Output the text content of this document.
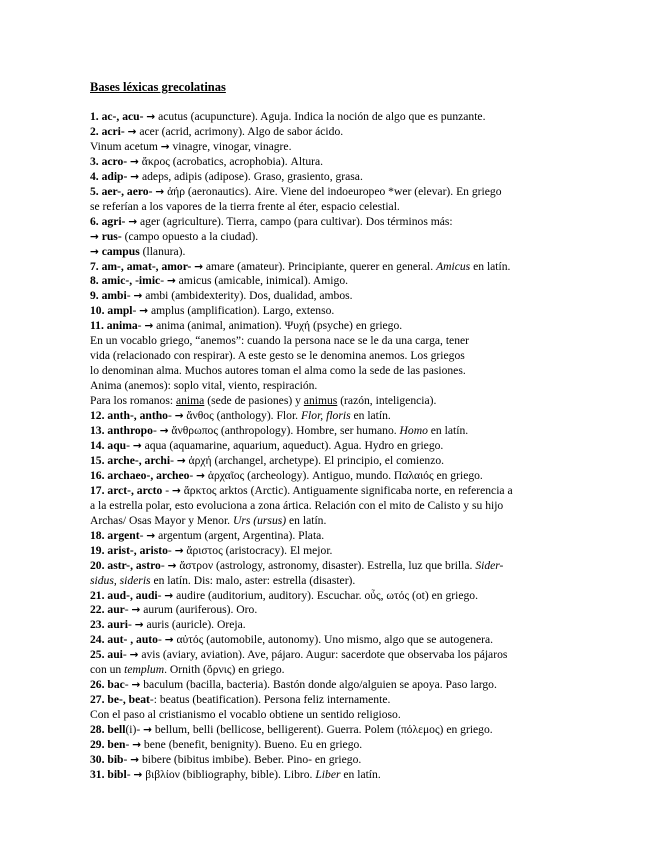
Bases léxicas grecolatinas
1. ac-, acu- → acutus (acupuncture). Aguja. Indica la noción de algo que es punzante.
2. acri- → acer (acrid, acrimony). Algo de sabor ácido.
Vinum acetum → vinagre, vinogar, vinagre.
3. acro- → ἄκρος (acrobatics, acrophobia). Altura.
4. adip- → adeps, adipis (adipose). Graso, grasiento, grasa.
5. aer-, aero- → ἀήρ (aeronautics). Aire. Viene del indoeuropeo *wer (elevar). En griego
se referían a los vapores de la tierra frente al éter, espacio celestial.
6. agri- → ager (agriculture). Tierra, campo (para cultivar). Dos términos más:
→ rus- (campo opuesto a la ciudad).
→ campus (llanura).
7. am-, amat-, amor- → amare (amateur). Principiante, querer en general. Amicus en latín.
8. amic-, -imic- → amicus (amicable, inimical). Amigo.
9. ambi- → ambi (ambidexterity). Dos, dualidad, ambos.
10. ampl- → amplus (amplification). Largo, extenso.
11. anima- → anima (animal, animation). Ψυχή (psyche) en griego.
En un vocablo griego, “anemos”: cuando la persona nace se le da una carga, tener
vida (relacionado con respirar). A este gesto se le denomina anemos. Los griegos
lo denominan alma. Muchos autores toman el alma como la sede de las pasiones.
Anima (anemos): soplo vital, viento, respiración.
Para los romanos: anima (sede de pasiones) y animus (razón, inteligencia).
12. anth-, antho- → ἄνθος (anthology). Flor. Flor, floris en latín.
13. anthropo- → ἄνθρωπος (anthropology). Hombre, ser humano. Homo en latín.
14. aqu- → aqua (aquamarine, aquarium, aqueduct). Agua. Hydro en griego.
15. arche-, archi- → ἀρχή (archangel, archetype). El principio, el comienzo.
16. archaeo-, archeo- → ἀρχαῖος (archeology). Antiguo, mundo. Παλαιός en griego.
17. arct-, arcto - → ἄρκτος arktos (Arctic). Antiguamente significaba norte, en referencia a
a la estrella polar, esto evoluciona a zona ártica. Relación con el mito de Calisto y su hijo
Archas/ Osas Mayor y Menor. Urs (ursus) en latín.
18. argent- → argentum (argent, Argentina). Plata.
19. arist-, aristo- → ἄριστος (aristocracy). El mejor.
20. astr-, astro- → ἄστρον (astrology, astronomy, disaster). Estrella, luz que brilla. Sider-
sidus, sideris en latín. Dis: malo, aster: estrella (disaster).
21. aud-, audi- → audire (auditorium, auditory). Escuchar. οὖς, ωτός (ot) en griego.
22. aur- → aurum (auriferous). Oro.
23. auri- → auris (auricle). Oreja.
24. aut- , auto- → αὐτός (automobile, autonomy). Uno mismo, algo que se autogenera.
25. aui- → avis (aviary, aviation). Ave, pájaro. Augur: sacerdote que observaba los pájaros
con un templum. Ornith (ὄρνις) en griego.
26. bac- → baculum (bacilla, bacteria). Bastón donde algo/alguien se apoya. Paso largo.
27. be-, beat-: beatus (beatification). Persona feliz internamente.
Con el paso al cristianismo el vocablo obtiene un sentido religioso.
28. bell(i)- → bellum, belli (bellicose, belligerent). Guerra. Polem (πόλεμος) en griego.
29. ben- → bene (benefit, benignity). Bueno. Eu en griego.
30. bib- → bibere (bibitus imbibe). Beber. Pino- en griego.
31. bibl- → βιβλίον (bibliography, bible). Libro. Liber en latín.
